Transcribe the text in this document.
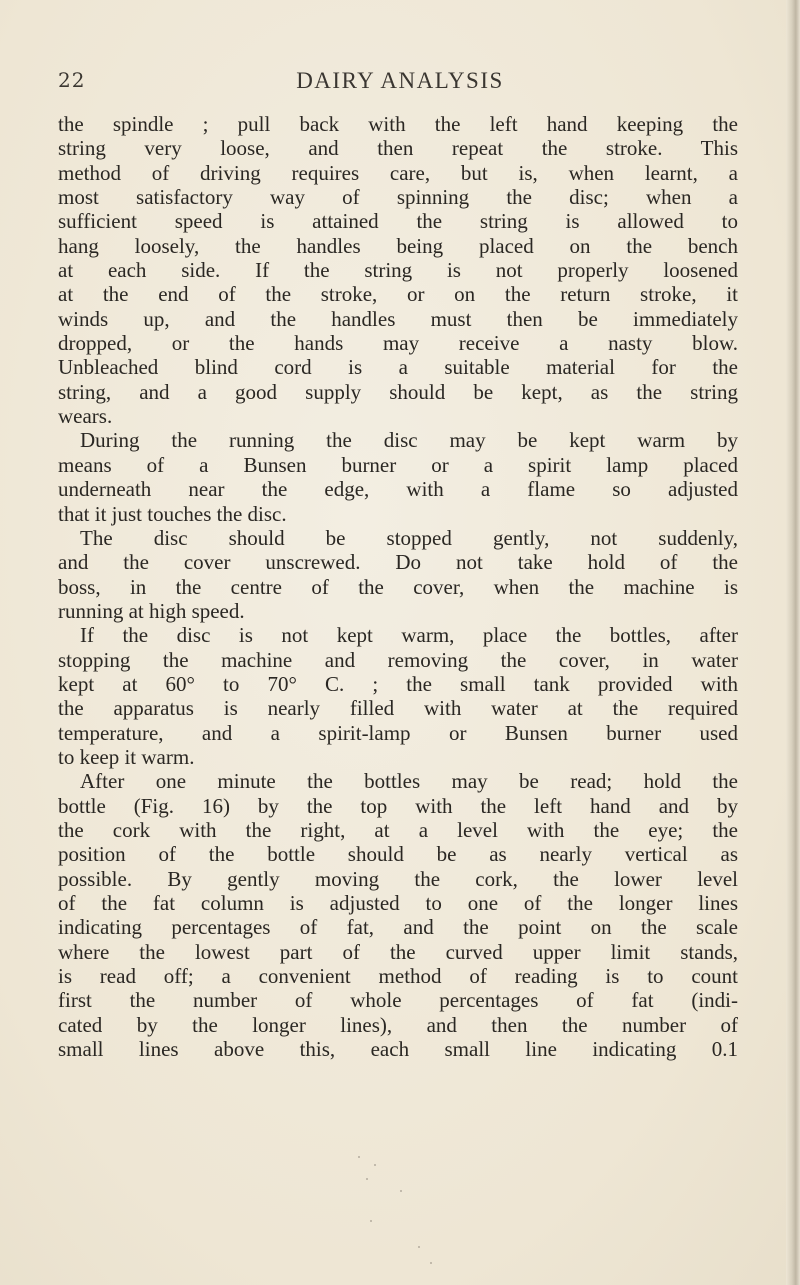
22	DAIRY ANALYSIS
the spindle ; pull back with the left hand keeping the
string very loose, and then repeat the stroke. This
method of driving requires care, but is, when learnt, a
most satisfactory way of spinning the disc; when a
sufficient speed is attained the string is allowed to
hang loosely, the handles being placed on the bench
at each side. If the string is not properly loosened
at the end of the stroke, or on the return stroke, it
winds up, and the handles must then be immediately
dropped, or the hands may receive a nasty blow.
Unbleached blind cord is a suitable material for the
string, and a good supply should be kept, as the string
wears.
During the running the disc may be kept warm by
means of a Bunsen burner or a spirit lamp placed
underneath near the edge, with a flame so adjusted
that it just touches the disc.
The disc should be stopped gently, not suddenly,
and the cover unscrewed. Do not take hold of the
boss, in the centre of the cover, when the machine is
running at high speed.
If the disc is not kept warm, place the bottles, after
stopping the machine and removing the cover, in water
kept at 60° to 70° C. ; the small tank provided with
the apparatus is nearly filled with water at the required
temperature, and a spirit-lamp or Bunsen burner used
to keep it warm.
After one minute the bottles may be read; hold the
bottle (Fig. 16) by the top with the left hand and by
the cork with the right, at a level with the eye; the
position of the bottle should be as nearly vertical as
possible. By gently moving the cork, the lower level
of the fat column is adjusted to one of the longer lines
indicating percentages of fat, and the point on the scale
where the lowest part of the curved upper limit stands,
is read off; a convenient method of reading is to count
first the number of whole percentages of fat (indi-
cated by the longer lines), and then the number of
small lines above this, each small line indicating 0.1
